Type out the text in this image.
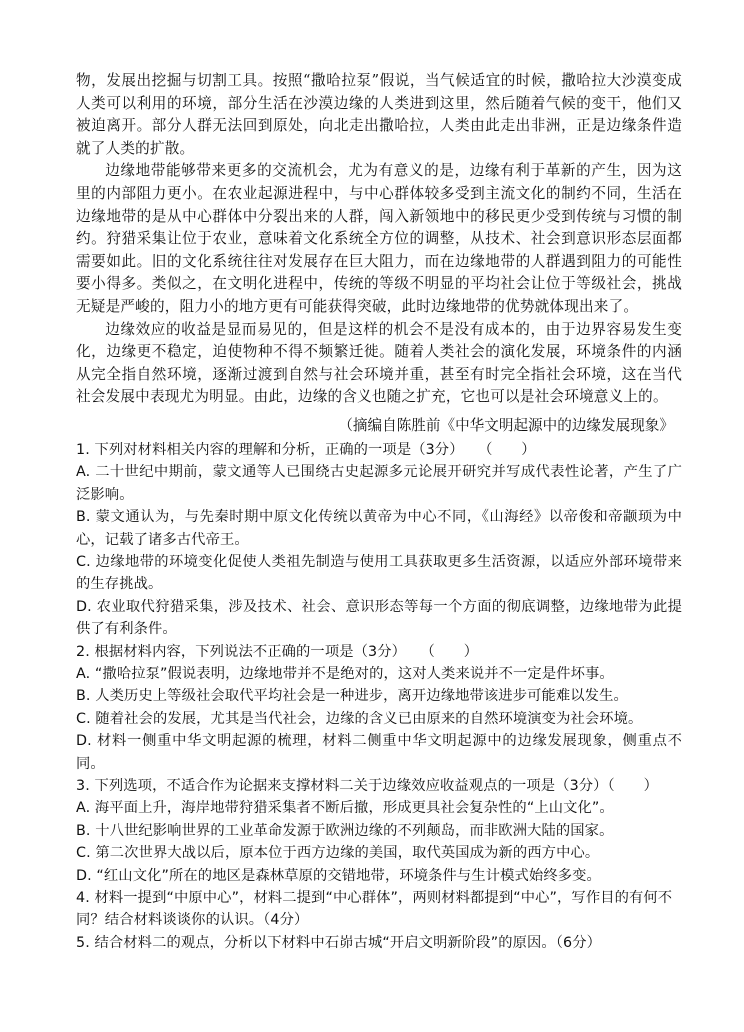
物，发展出挖掘与切割工具。按照“撒哈拉泵”假说，当气候适宜的时候，撒哈拉大沙漠变成人类可以利用的环境，部分生活在沙漠边缘的人类进到这里，然后随着气候的变干，他们又被迫离开。部分人群无法回到原处，向北走出撒哈拉，人类由此走出非洲，正是边缘条件造就了人类的扩散。

边缘地带能够带来更多的交流机会，尤为有意义的是，边缘有利于革新的产生，因为这里的内部阻力更小。在农业起源进程中，与中心群体较多受到主流文化的制约不同，生活在边缘地带的是从中心群体中分裂出来的人群，闯入新领地中的移民更少受到传统与习惯的制约。狩猎采集让位于农业，意味着文化系统全方位的调整，从技术、社会到意识形态层面都需要如此。旧的文化系统往往对发展存在巨大阻力，而在边缘地带的人群遇到阻力的可能性要小得多。类似之，在文明化进程中，传统的等级不明显的平均社会让位于等级社会，挑战无疑是严峻的，阻力小的地方更有可能获得突破，此时边缘地带的优势就体现出来了。

边缘效应的收益是显而易见的，但是这样的机会不是没有成本的，由于边界容易发生变化，边缘更不稳定，迫使物种不得不频繁迁徙。随着人类社会的演化发展，环境条件的内涵从完全指自然环境，逐渐过渡到自然与社会环境并重，甚至有时完全指社会环境，这在当代社会发展中表现尤为明显。由此，边缘的含义也随之扩充，它也可以是社会环境意义上的。

（摘编自陈胜前《中华文明起源中的边缘发展现象》

1. 下列对材料相关内容的理解和分析，正确的一项是（3分）　　（　　）

A. 二十世纪中期前，蒙文通等人已围绕古史起源多元论展开研究并写成代表性论著，产生了广泛影响。

B. 蒙文通认为，与先秦时期中原文化传统以黄帝为中心不同，《山海经》以帝俊和帝颛顼为中心，记载了诸多古代帝王。

C. 边缘地带的环境变化促使人类祖先制造与使用工具获取更多生活资源，以适应外部环境带来的生存挑战。

D. 农业取代狩猎采集，涉及技术、社会、意识形态等每一个方面的彻底调整，边缘地带为此提供了有利条件。

2. 根据材料内容，下列说法不正确的一项是（3分）　　（　　）

A. “撒哈拉泵”假说表明，边缘地带并不是绝对的，这对人类来说并不一定是件坏事。

B. 人类历史上等级社会取代平均社会是一种进步，离开边缘地带该进步可能难以发生。

C. 随着社会的发展，尤其是当代社会，边缘的含义已由原来的自然环境演变为社会环境。

D. 材料一侧重中华文明起源的梳理，材料二侧重中华文明起源中的边缘发展现象，侧重点不同。

3. 下列选项，不适合作为论据来支撑材料二关于边缘效应收益观点的一项是（3分）（　　）

A. 海平面上升，海岸地带狩猎采集者不断后撤，形成更具社会复杂性的“上山文化”。

B. 十八世纪影响世界的工业革命发源于欧洲边缘的不列颠岛，而非欧洲大陆的国家。

C. 第二次世界大战以后，原本位于西方边缘的美国，取代英国成为新的西方中心。

D. “红山文化”所在的地区是森林草原的交错地带，环境条件与生计模式始终多变。

4. 材料一提到“中原中心”，材料二提到“中心群体”，两则材料都提到“中心”，写作目的有何不同？结合材料谈谈你的认识。（4分）

5. 结合材料二的观点，分析以下材料中石峁古城“开启文明新阶段”的原因。（6分）
